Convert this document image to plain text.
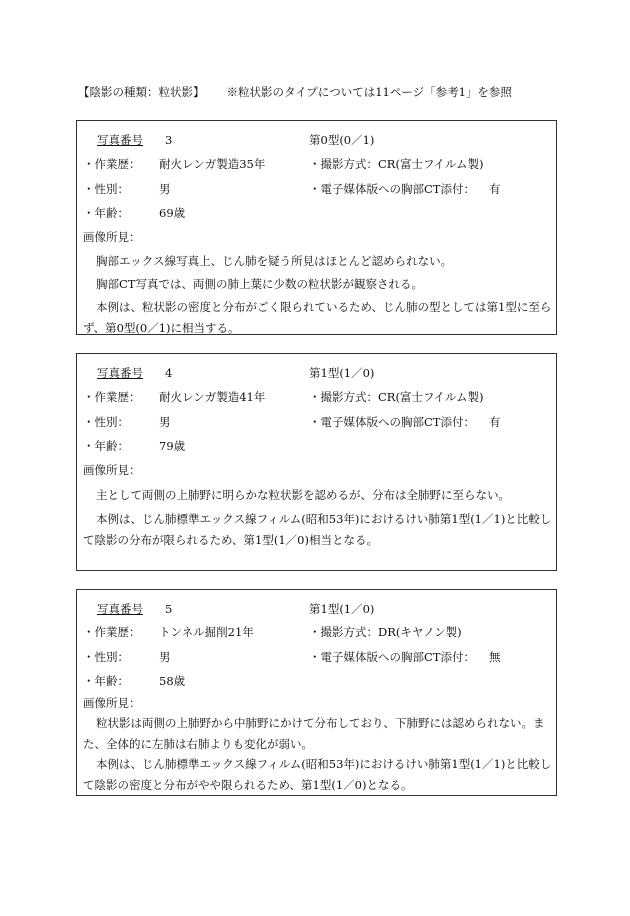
【陰影の種類：粒状影】 ※粒状影のタイプについては11ページ「参考1」を参照
写真番号 3	第0型(0／1)
・作業歴： 耐火レンガ製造35年	・撮影方式：CR(富士フイルム製)
・性別：	男	・電子媒体版への胸部CT添付： 有
・年齢：	69歳
画像所見：
胸部エックス線写真上、じん肺を疑う所見はほとんど認められない。
胸部CT写真では、両側の肺上葉に少数の粒状影が観察される。
本例は、粒状影の密度と分布がごく限られているため、じん肺の型としては第1型に至らず、第0型(0／1)に相当する。
写真番号 4	第1型(1／0)
・作業歴： 耐火レンガ製造41年	・撮影方式：CR(富士フイルム製)
・性別：	男	・電子媒体版への胸部CT添付： 有
・年齢：	79歳
画像所見：
主として両側の上肺野に明らかな粒状影を認めるが、分布は全肺野に至らない。
本例は、じん肺標準エックス線フィルム(昭和53年)におけるけい肺第1型(1／1)と比較して陰影の分布が限られるため、第1型(1／0)相当となる。
写真番号 5	第1型(1／0)
・作業歴： トンネル掘削21年	・撮影方式：DR(キヤノン製)
・性別：	男	・電子媒体版への胸部CT添付： 無
・年齢：	58歳
画像所見：
粒状影は両側の上肺野から中肺野にかけて分布しており、下肺野には認められない。また、全体的に左肺は右肺よりも変化が弱い。
本例は、じん肺標準エックス線フィルム(昭和53年)におけるけい肺第1型(1／1)と比較して陰影の密度と分布がやや限られるため、第1型(1／0)となる。
